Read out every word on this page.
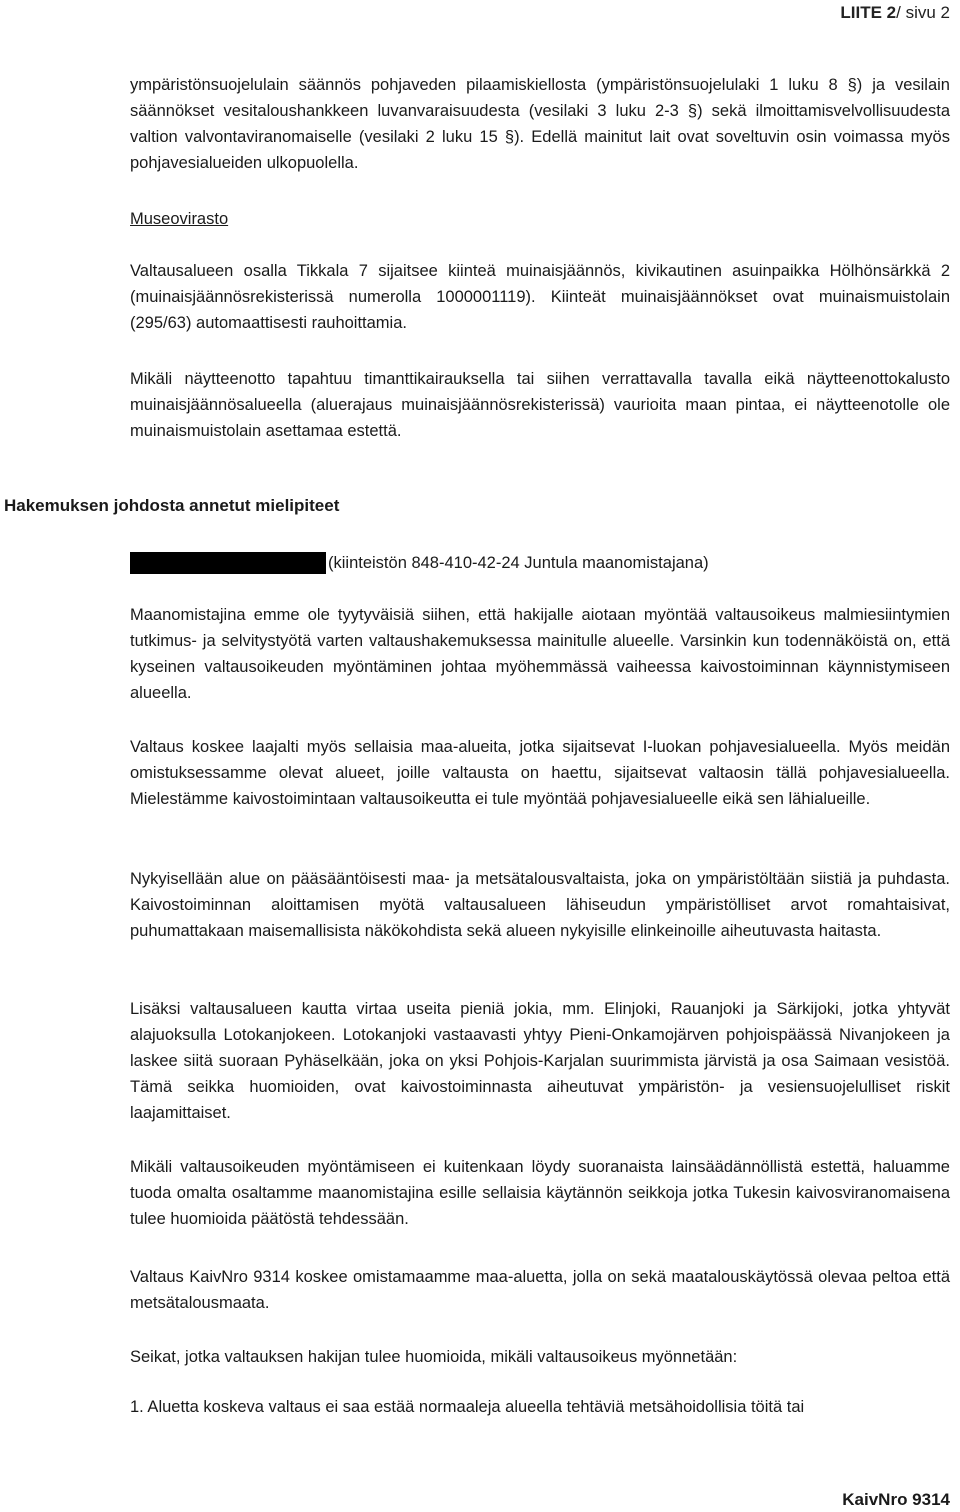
LIITE 2/ sivu 2

ympäristönsuojelulain säännös pohjaveden pilaamiskiellosta (ympäristönsuojelulaki 1 luku 8 §) ja vesilain säännökset vesitaloushankkeen luvanvaraisuudesta (vesilaki 3 luku 2-3 §) sekä ilmoittamisvelvollisuudesta valtion valvontaviranomaiselle (vesilaki 2 luku 15 §). Edellä mainitut lait ovat soveltuvin osin voimassa myös pohjavesialueiden ulkopuolella.

Museovirasto

Valtausalueen osalla Tikkala 7 sijaitsee kiinteä muinaisjäännös, kivikautinen asuinpaikka Hölhönsärkkä 2 (muinaisjäännösrekisterissä numerolla 1000001119). Kiinteät muinaisjäännökset ovat muinaismuistolain (295/63) automaattisesti rauhoittamia.

Mikäli näytteenotto tapahtuu timanttikairauksella tai siihen verrattavalla tavalla eikä näytteenottokalusto muinaisjäännösalueella (aluerajaus muinaisjäännösrekisterissä) vaurioita maan pintaa, ei näytteenotolle ole muinaismuistolain asettamaa estettä.

Hakemuksen johdosta annetut mielipiteet
(kiinteistön 848-410-42-24 Juntula maanomistajana)

Maanomistajina emme ole tyytyväisiä siihen, että hakijalle aiotaan myöntää valtausoikeus malmiesiintymien tutkimus- ja selvitystyötä varten valtaushakemuksessa mainitulle alueelle. Varsinkin kun todennäköistä on, että kyseinen valtausoikeuden myöntäminen johtaa myöhemmässä vaiheessa kaivostoiminnan käynnistymiseen alueella.

Valtaus koskee laajalti myös sellaisia maa-alueita, jotka sijaitsevat I-luokan pohjavesialueella. Myös meidän omistuksessamme olevat alueet, joille valtausta on haettu, sijaitsevat valtaosin tällä pohjavesialueella. Mielestämme kaivostoimintaan valtausoikeutta ei tule myöntää pohjavesialueelle eikä sen lähialueille.

Nykyisellään alue on pääsääntöisesti maa- ja metsätalousvaltaista, joka on ympäristöltään siistiä ja puhdasta. Kaivostoiminnan aloittamisen myötä valtausalueen lähiseudun ympäristölliset arvot romahtaisivat, puhumattakaan maisemallisista näkökohdista sekä alueen nykyisille elinkeinoille aiheutuvasta haitasta.

Lisäksi valtausalueen kautta virtaa useita pieniä jokia, mm. Elinjoki, Rauanjoki ja Särkijoki, jotka yhtyvät alajuoksulla Lotokanjokeen. Lotokanjoki vastaavasti yhtyy Pieni-Onkamojärven pohjoispäässä Nivanjokeen ja laskee siitä suoraan Pyhäselkään, joka on yksi Pohjois-Karjalan suurimmista järvistä ja osa Saimaan vesistöä. Tämä seikka huomioiden, ovat kaivostoiminnasta aiheutuvat ympäristön- ja vesiensuojelulliset riskit laajamittaiset.

Mikäli valtausoikeuden myöntämiseen ei kuitenkaan löydy suoranaista lainsäädännöllistä estettä, haluamme tuoda omalta osaltamme maanomistajina esille sellaisia käytännön seikkoja jotka Tukesin kaivosviranomaisena tulee huomioida päätöstä tehdessään.

Valtaus KaivNro 9314 koskee omistamaamme maa-aluetta, jolla on sekä maatalouskäytössä olevaa peltoa että metsätalousmaata.

Seikat, jotka valtauksen hakijan tulee huomioida, mikäli valtausoikeus myönnetään:

1. Aluetta koskeva valtaus ei saa estää normaaleja alueella tehtäviä metsähoidollisia töitä tai

KaivNro 9314
